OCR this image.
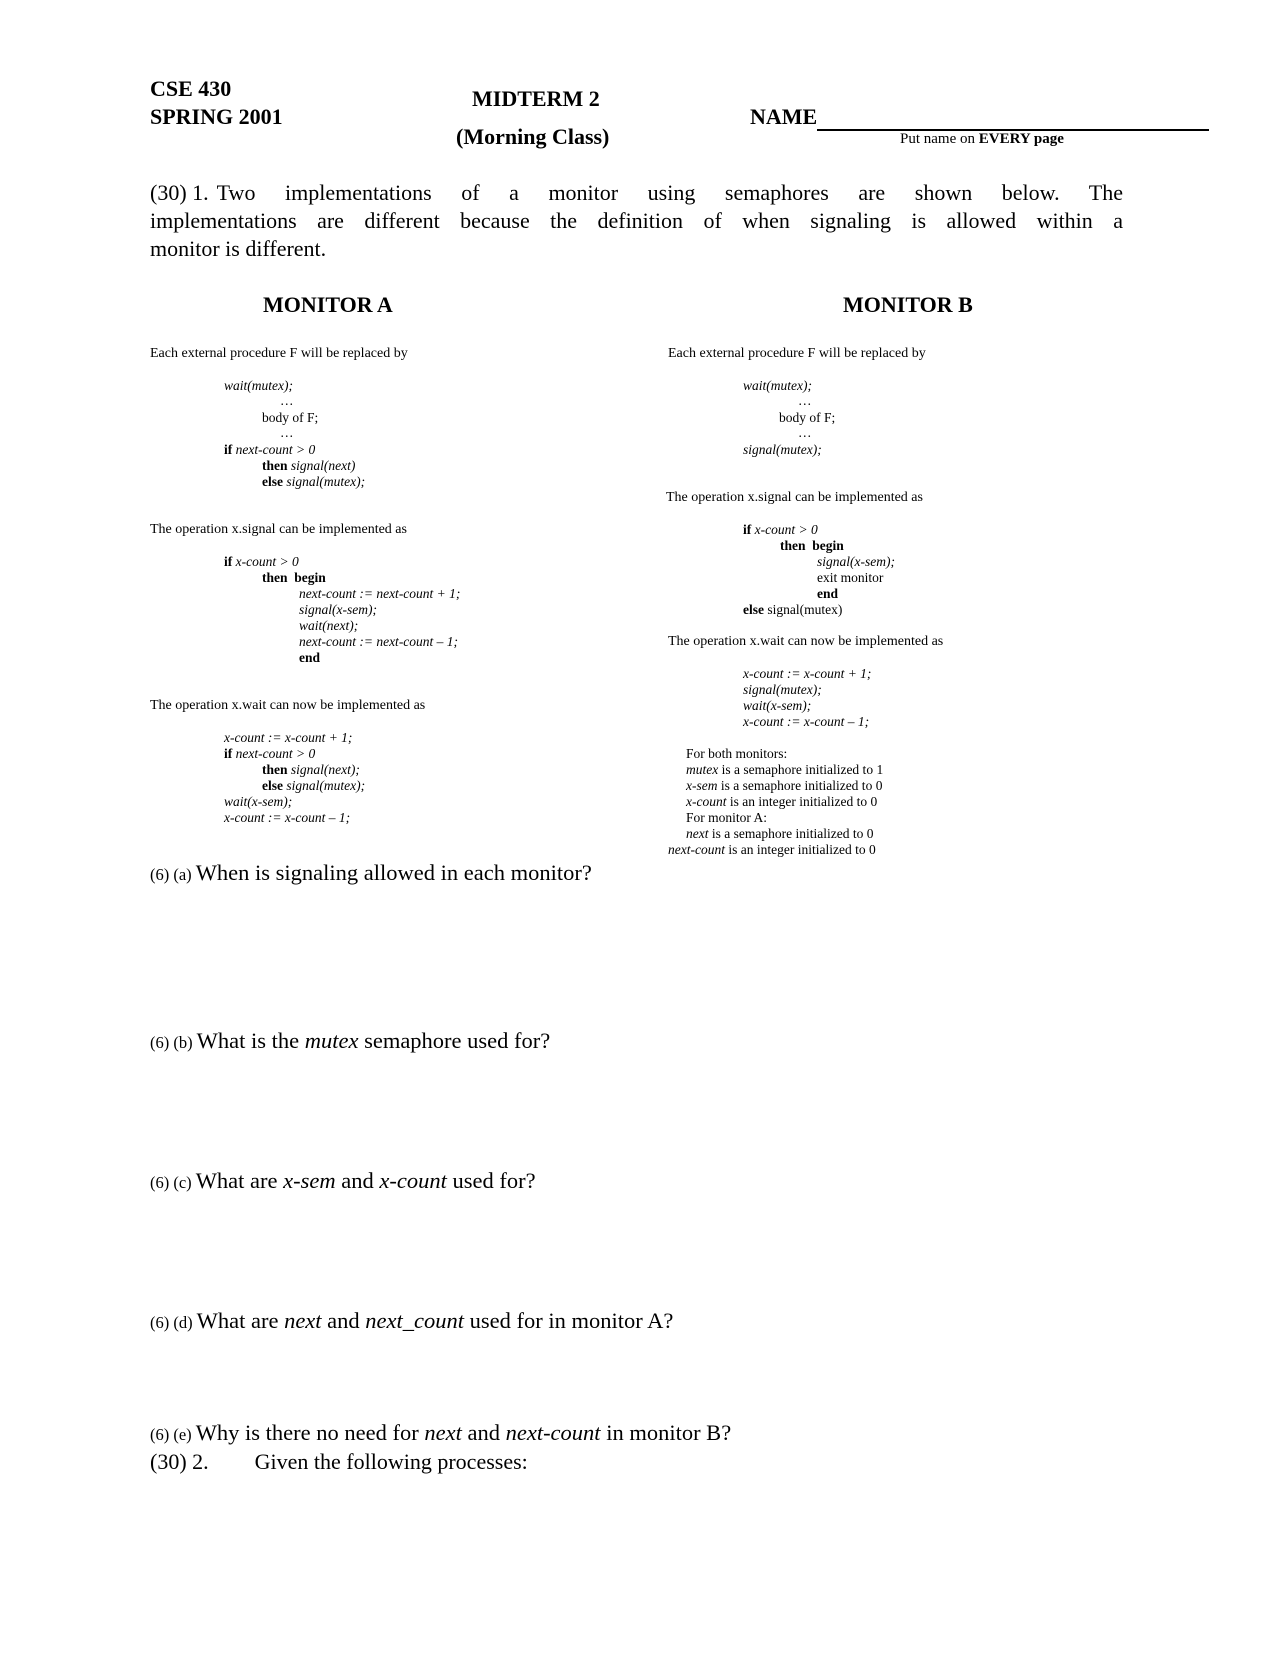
CSE 430
SPRING 2001
MIDTERM 2
(Morning Class)
NAME
Put name on EVERY page
(30) 1. Two implementations of a monitor using semaphores are shown below. The
implementations are different because the definition of when signaling is allowed within a
monitor is different.
MONITOR A	MONITOR B
Each external procedure F will be replaced by
wait(mutex);
…
body of F;
…
if next-count > 0
then signal(next)
else signal(mutex);
The operation x.signal can be implemented as
if x-count > 0
then begin
next-count := next-count + 1;
signal(x-sem);
wait(next);
next-count := next-count – 1;
end
The operation x.wait can now be implemented as
x-count := x-count + 1;
if next-count > 0
then signal(next);
else signal(mutex);
wait(x-sem);
x-count := x-count – 1;
Each external procedure F will be replaced by
wait(mutex);
…
body of F;
…
signal(mutex);
The operation x.signal can be implemented as
if x-count > 0
then begin
signal(x-sem);
exit monitor
end
else signal(mutex)
The operation x.wait can now be implemented as
x-count := x-count + 1;
signal(mutex);
wait(x-sem);
x-count := x-count – 1;
For both monitors:
mutex is a semaphore initialized to 1
x-sem is a semaphore initialized to 0
x-count is an integer initialized to 0
For monitor A:
next is a semaphore initialized to 0
next-count is an integer initialized to 0
(6) (a) When is signaling allowed in each monitor?
(6) (b) What is the mutex semaphore used for?
(6) (c) What are x-sem and x-count used for?
(6) (d) What are next and next_count used for in monitor A?
(6) (e) Why is there no need for next and next-count in monitor B?
(30) 2. Given the following processes:
